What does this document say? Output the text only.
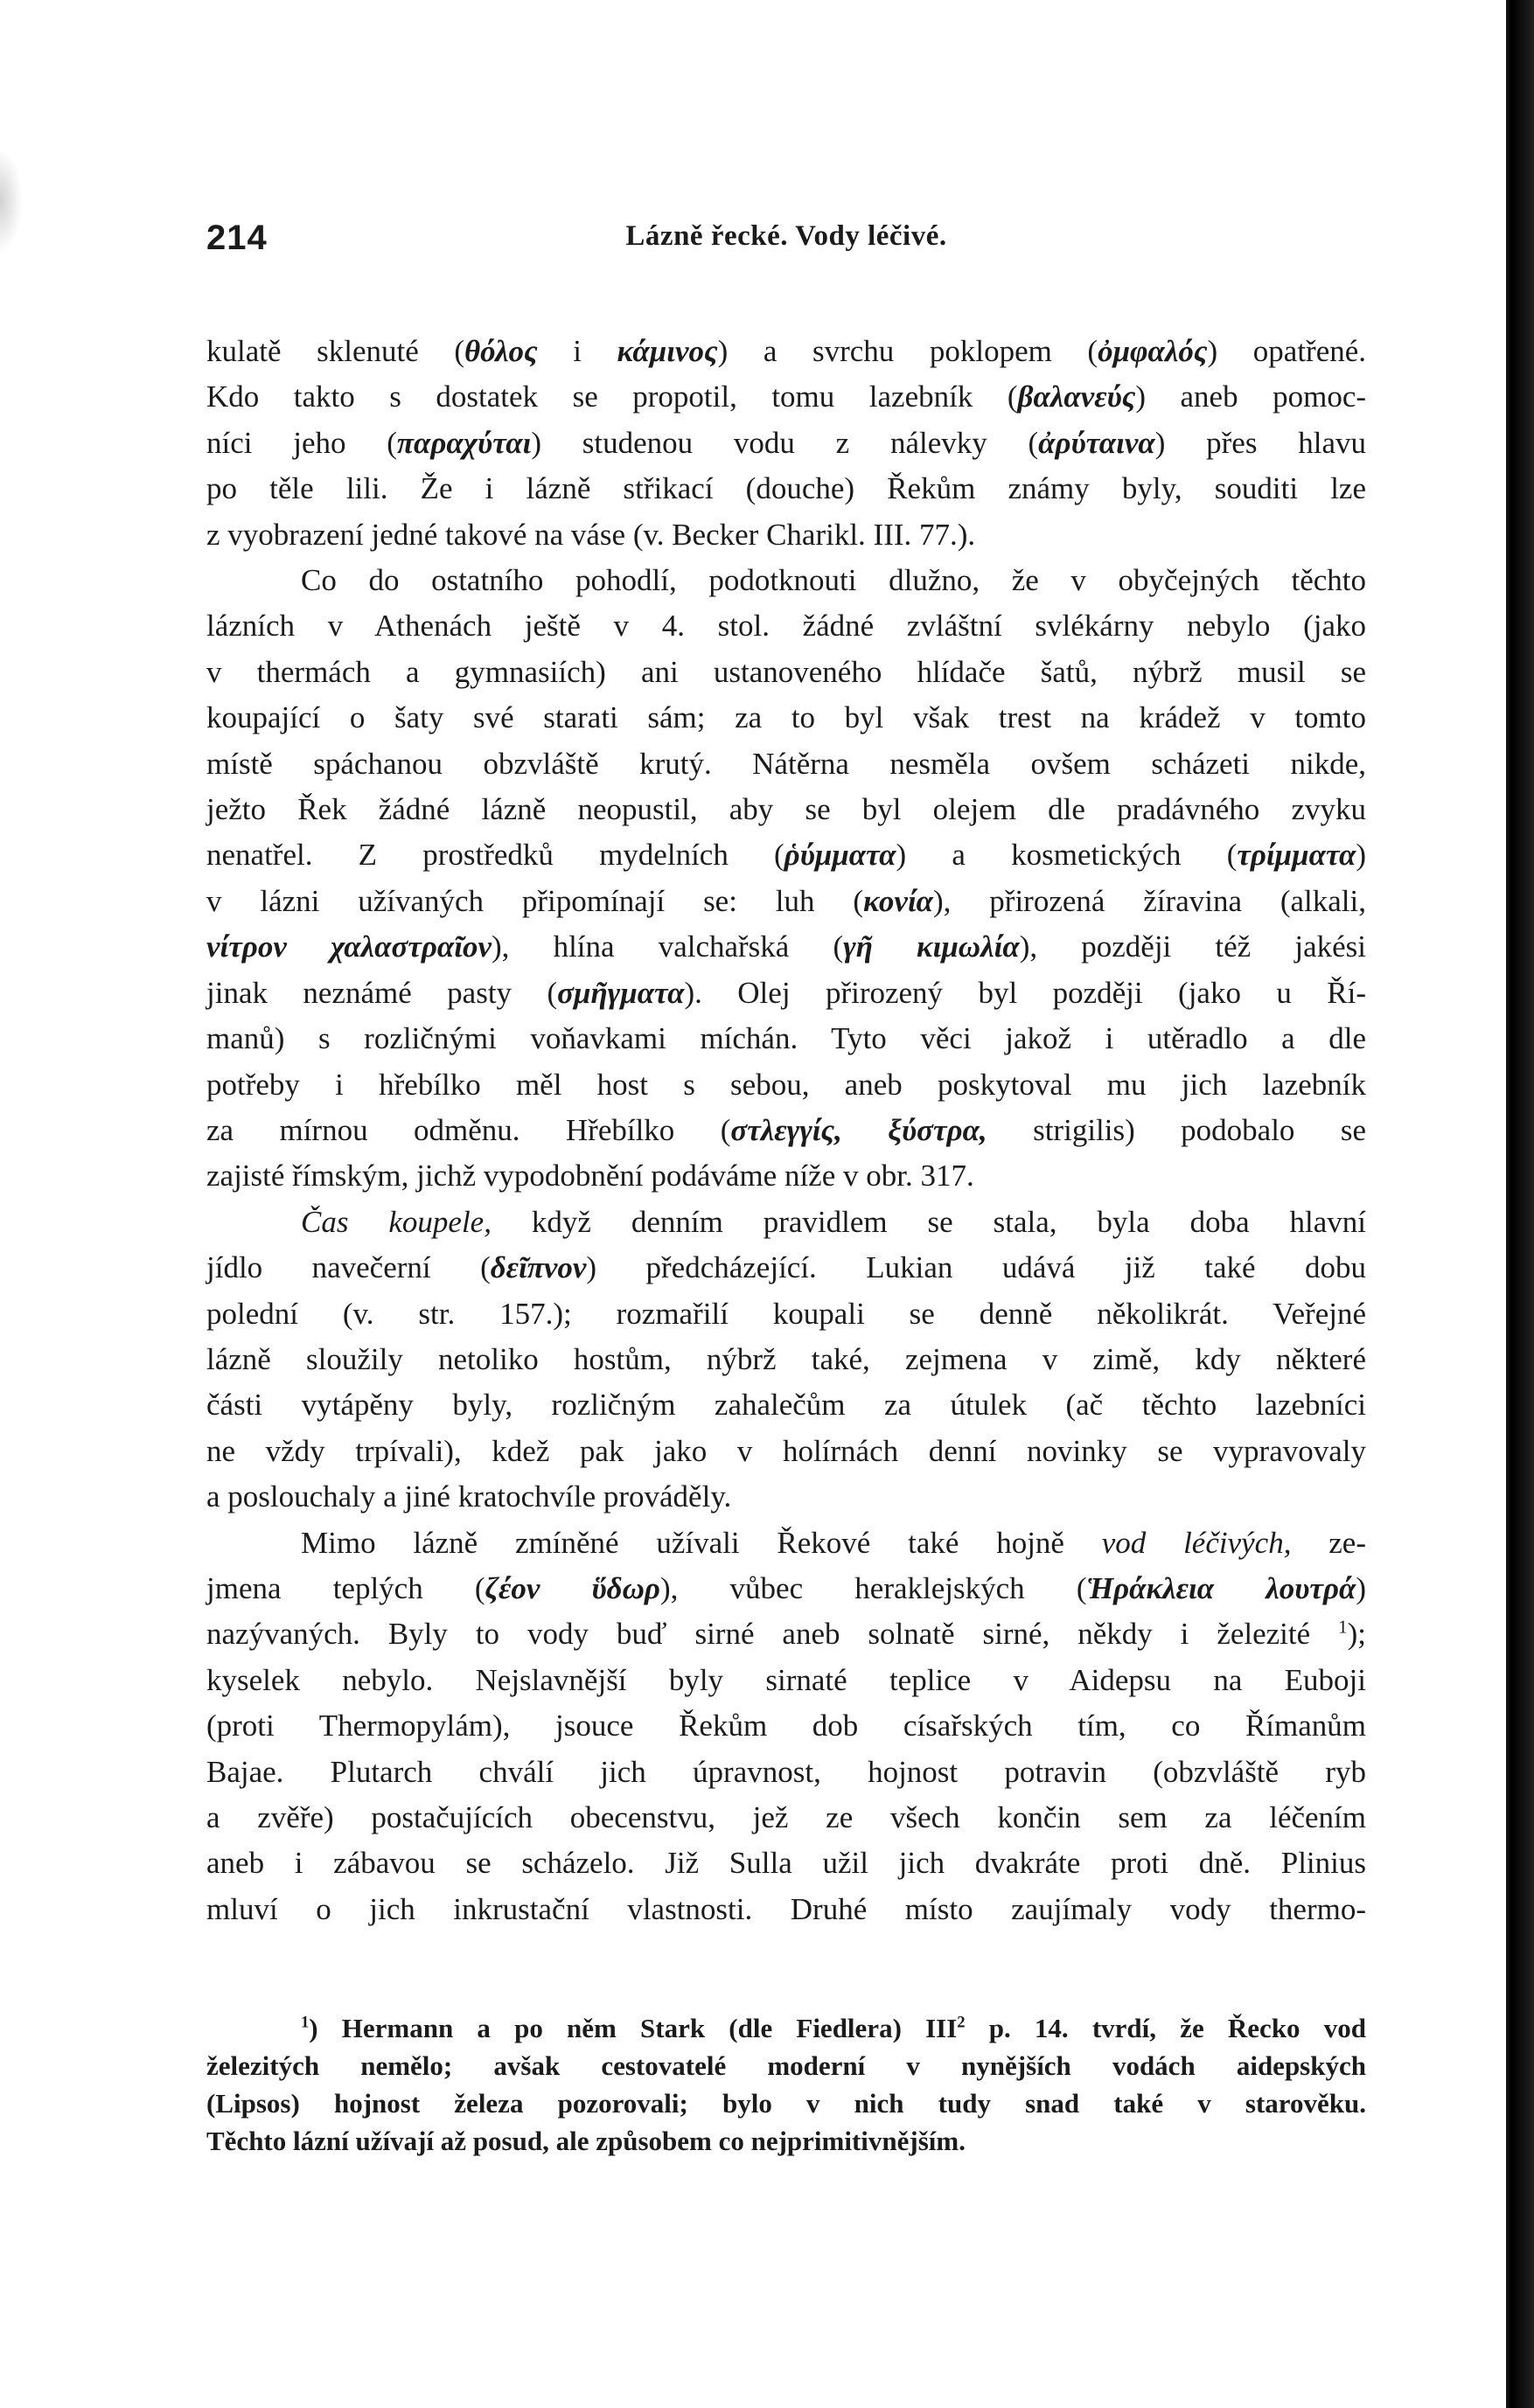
214	Lázně řecké. Vody léčivé.

kulatě sklenuté (θόλος i κάμινος) a svrchu poklopem (ὀμφαλός) opatřené.

Kdo takto s dostatek se propotil, tomu lazebník (βαλανεύς) aneb pomoc-

níci jeho (παραχύται) studenou vodu z nálevky (ἀρύταινα) přes hlavu

po těle lili. Že i lázně střikací (douche) Řekům známy byly, souditi lze

z vyobrazení jedné takové na váse (v. Becker Charikl. III. 77.).

Co do ostatního pohodlí, podotknouti dlužno, že v obyčejných těchto

lázních v Athenách ještě v 4. stol. žádné zvláštní svlékárny nebylo (jako

v thermách a gymnasiích) ani ustanoveného hlídače šatů, nýbrž musil se

koupající o šaty své starati sám; za to byl však trest na krádež v tomto

místě spáchanou obzvláště krutý. Nátěrna nesměla ovšem scházeti nikde,

ježto Řek žádné lázně neopustil, aby se byl olejem dle pradávného zvyku

nenatřel. Z prostředků mydelních (ῥύμματα) a kosmetických (τρίμματα)

v lázni užívaných připomínají se: luh (κονία), přirozená žíravina (alkali,

νίτρον χαλαστραῖον), hlína valchařská (γῆ κιμωλία), později též jakési

jinak neznámé pasty (σμῆγματα). Olej přirozený byl později (jako u Ří-

manů) s rozličnými voňavkami míchán. Tyto věci jakož i utěradlo a dle

potřeby i hřebílko měl host s sebou, aneb poskytoval mu jich lazebník

za mírnou odměnu. Hřebílko (στλεγγίς, ξύστρα, strigilis) podobalo se

zajisté římským, jichž vypodobnění podáváme níže v obr. 317.

Čas koupele, když denním pravidlem se stala, byla doba hlavní

jídlo navečerní (δεῖπνον) předcházející. Lukian udává již také dobu

polední (v. str. 157.); rozmařilí koupali se denně několikrát. Veřejné

lázně sloužily netoliko hostům, nýbrž také, zejmena v zimě, kdy některé

části vytápěny byly, rozličným zahalečům za útulek (ač těchto lazebníci

ne vždy trpívali), kdež pak jako v holírnách denní novinky se vypravovaly

a poslouchaly a jiné kratochvíle prováděly.

Mimo lázně zmíněné užívali Řekové také hojně vod léčivých, ze-

jmena teplých (ζέον ὕδωρ), vůbec heraklejských (Ἡράκλεια λουτρά)

nazývaných. Byly to vody buď sirné aneb solnatě sirné, někdy i železité $^1$);

kyselek nebylo. Nejslavnější byly sirnaté teplice v Aidepsu na Euboji

(proti Thermopylám), jsouce Řekům dob císařských tím, co Římanům

Bajae. Plutarch chválí jich úpravnost, hojnost potravin (obzvláště ryb

a zvěře) postačujících obecenstvu, jež ze všech končin sem za léčením

aneb i zábavou se scházelo. Již Sulla užil jich dvakráte proti dně. Plinius

mluví o jich inkrustační vlastnosti. Druhé místo zaujímaly vody thermo-

$^1$) Hermann a po něm Stark (dle Fiedlera) III$^2$ p. 14. tvrdí, že Řecko vod

železitých nemělo; avšak cestovatelé moderní v nynějších vodách aidepských

(Lipsos) hojnost železa pozorovali; bylo v nich tudy snad také v starověku.

Těchto lázní užívají až posud, ale způsobem co nejprimitivnějším.
